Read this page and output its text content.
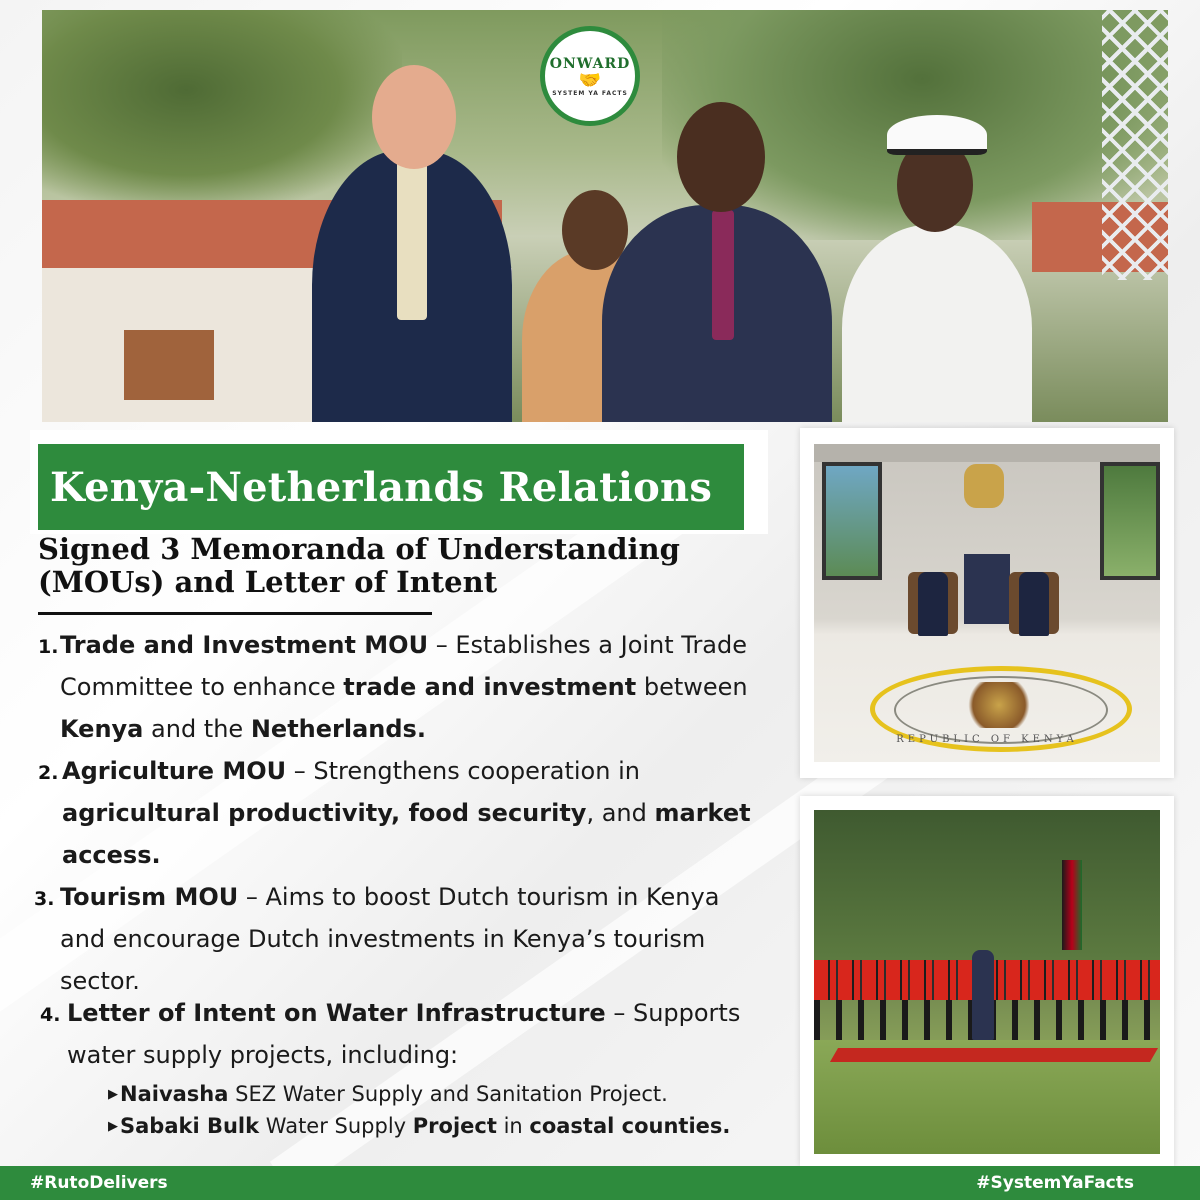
ONWARD
🤝
SYSTEM YA FACTS
Kenya-Netherlands Relations
Signed 3 Memoranda of Understanding (MOUs) and Letter of Intent
1. Trade and Investment MOU – Establishes a Joint Trade
Committee to enhance trade and investment between
Kenya and the Netherlands.
2. Agriculture MOU – Strengthens cooperation in
agricultural productivity, food security, and market
access.
3. Tourism MOU – Aims to boost Dutch tourism in Kenya
and encourage Dutch investments in Kenya’s tourism
sector.
4. Letter of Intent on Water Infrastructure – Supports
water supply projects, including:
▶Naivasha SEZ Water Supply and Sanitation Project.
▶Sabaki Bulk Water Supply Project in coastal counties.
REPUBLIC OF KENYA
#RutoDelivers	#SystemYaFacts
